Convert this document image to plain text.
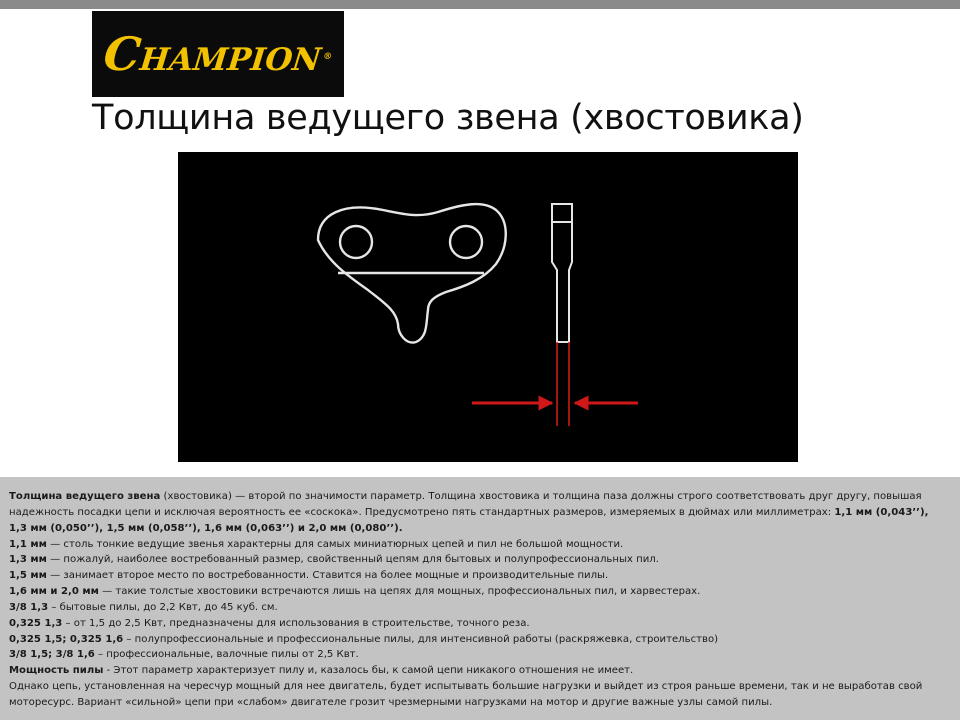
CHAMPION®
Толщина ведущего звена (хвостовика)

Толщина ведущего звена (хвостовика) — второй по значимости параметр. Толщина хвостовика и толщина паза должны строго соответствовать друг другу, повышая надежность посадки цепи и исключая вероятность ее «соскока». Предусмотрено пять стандартных размеров, измеряемых в дюймах или миллиметрах: 1,1 мм (0,043’’), 1,3 мм (0,050’’), 1,5 мм (0,058’’), 1,6 мм (0,063’’) и 2,0 мм (0,080’’).

1,1 мм — столь тонкие ведущие звенья характерны для самых миниатюрных цепей и пил не большой мощности.

1,3 мм — пожалуй, наиболее востребованный размер, свойственный цепям для бытовых и полупрофессиональных пил.

1,5 мм — занимает второе место по востребованности. Ставится на более мощные и производительные пилы.

1,6 мм и 2,0 мм — такие толстые хвостовики встречаются лишь на цепях для мощных, профессиональных пил, и харвестерах.

3/8 1,3 – бытовые пилы, до 2,2 Квт, до 45 куб. см.

0,325 1,3 – от 1,5 до 2,5 Квт, предназначены для использования в строительстве, точного реза.

0,325 1,5; 0,325 1,6 – полупрофессиональные и профессиональные пилы, для интенсивной работы (раскряжевка, строительство)

3/8 1,5; 3/8 1,6 – профессиональные, валочные пилы от 2,5 Квт.

Мощность пилы - Этот параметр характеризует пилу и, казалось бы, к самой цепи никакого отношения не имеет.

Однако цепь, установленная на чересчур мощный для нее двигатель, будет испытывать большие нагрузки и выйдет из строя раньше времени, так и не выработав свой моторесурс. Вариант «сильной» цепи при «слабом» двигателе грозит чрезмерными нагрузками на мотор и другие важные узлы самой пилы.
